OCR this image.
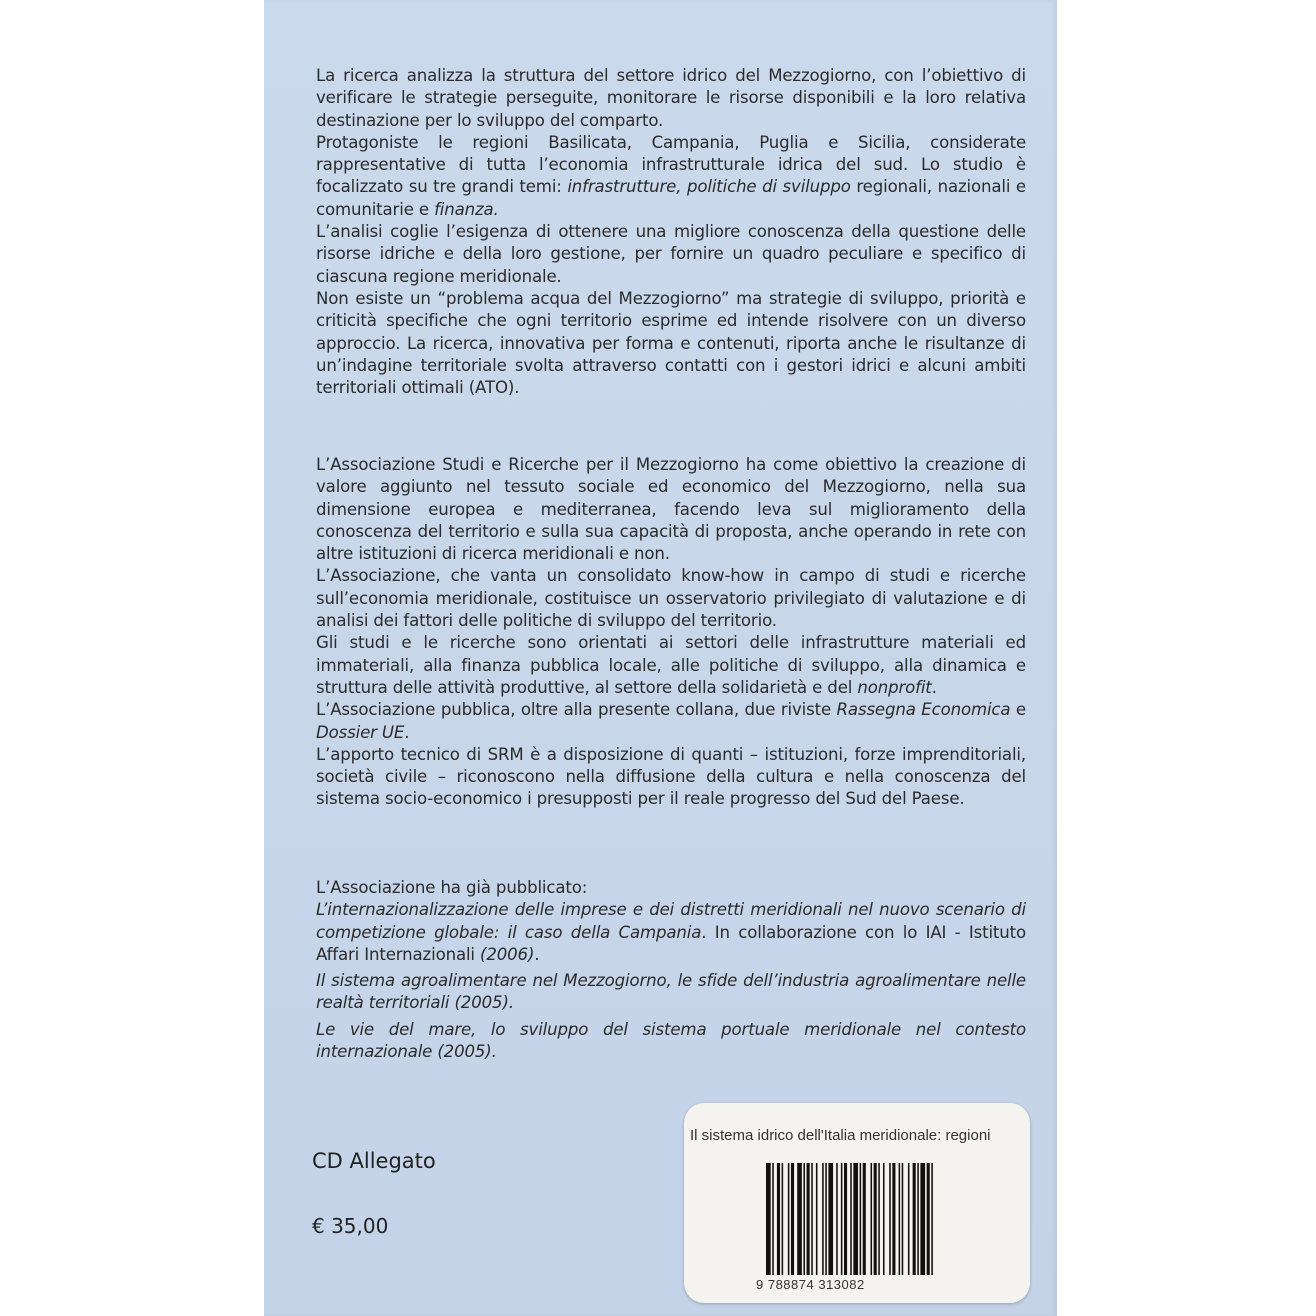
La ricerca analizza la struttura del settore idrico del Mezzogiorno, con l’obiettivo di verificare le strategie perseguite, monitorare le risorse disponibili e la loro relativa destinazione per lo sviluppo del comparto.

Protagoniste le regioni Basilicata, Campania, Puglia e Sicilia, considerate rappresentative di tutta l’economia infrastrutturale idrica del sud. Lo studio è focalizzato su tre grandi temi: infrastrutture, politiche di sviluppo regionali, nazionali e comunitarie e finanza.

L’analisi coglie l’esigenza di ottenere una migliore conoscenza della questione delle risorse idriche e della loro gestione, per fornire un quadro peculiare e specifico di ciascuna regione meridionale.

Non esiste un “problema acqua del Mezzogiorno” ma strategie di sviluppo, priorità e criticità specifiche che ogni territorio esprime ed intende risolvere con un diverso approccio. La ricerca, innovativa per forma e contenuti, riporta anche le risultanze di un’indagine territoriale svolta attraverso contatti con i gestori idrici e alcuni ambiti territoriali ottimali (ATO).

L’Associazione Studi e Ricerche per il Mezzogiorno ha come obiettivo la creazione di valore aggiunto nel tessuto sociale ed economico del Mezzogiorno, nella sua dimensione europea e mediterranea, facendo leva sul miglioramento della conoscenza del territorio e sulla sua capacità di proposta, anche operando in rete con altre istituzioni di ricerca meridionali e non.

L’Associazione, che vanta un consolidato know-how in campo di studi e ricerche sull’economia meridionale, costituisce un osservatorio privilegiato di valutazione e di analisi dei fattori delle politiche di sviluppo del territorio.

Gli studi e le ricerche sono orientati ai settori delle infrastrutture materiali ed immateriali, alla finanza pubblica locale, alle politiche di sviluppo, alla dinamica e struttura delle attività produttive, al settore della solidarietà e del nonprofit.

L’Associazione pubblica, oltre alla presente collana, due riviste Rassegna Economica e Dossier UE.

L’apporto tecnico di SRM è a disposizione di quanti – istituzioni, forze imprenditoriali, società civile – riconoscono nella diffusione della cultura e nella conoscenza del sistema socio-economico i presupposti per il reale progresso del Sud del Paese.

L’Associazione ha già pubblicato:

L’internazionalizzazione delle imprese e dei distretti meridionali nel nuovo scenario di competizione globale: il caso della Campania. In collaborazione con lo IAI - Istituto Affari Internazionali (2006).

Il sistema agroalimentare nel Mezzogiorno, le sfide dell’industria agroalimentare nelle realtà territoriali (2005).

Le vie del mare, lo sviluppo del sistema portuale meridionale nel contesto internazionale (2005).

CD Allegato
€ 35,00
Il sistema idrico dell'Italia meridionale: regioni
9 788874 313082
